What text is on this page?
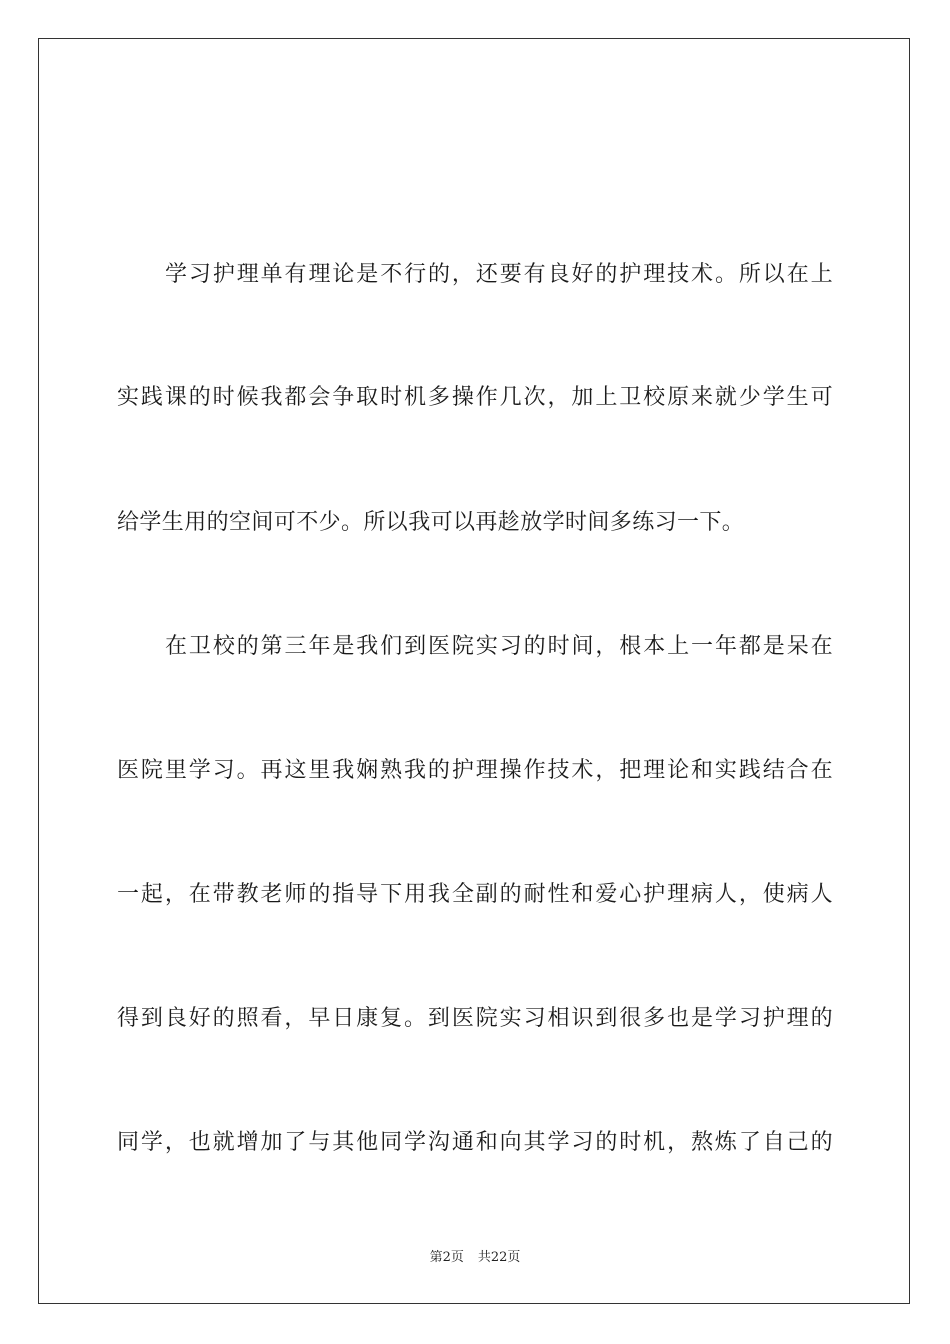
学习护理单有理论是不行的，还要有良好的护理技术。所以在上
实践课的时候我都会争取时机多操作几次，加上卫校原来就少学生可
给学生用的空间可不少。所以我可以再趁放学时间多练习一下。
在卫校的第三年是我们到医院实习的时间，根本上一年都是呆在
医院里学习。再这里我娴熟我的护理操作技术，把理论和实践结合在
一起，在带教老师的指导下用我全副的耐性和爱心护理病人，使病人
得到良好的照看，早日康复。到医院实习相识到很多也是学习护理的
同学，也就增加了与其他同学沟通和向其学习的时机，熬炼了自己的
第2页 共22页
